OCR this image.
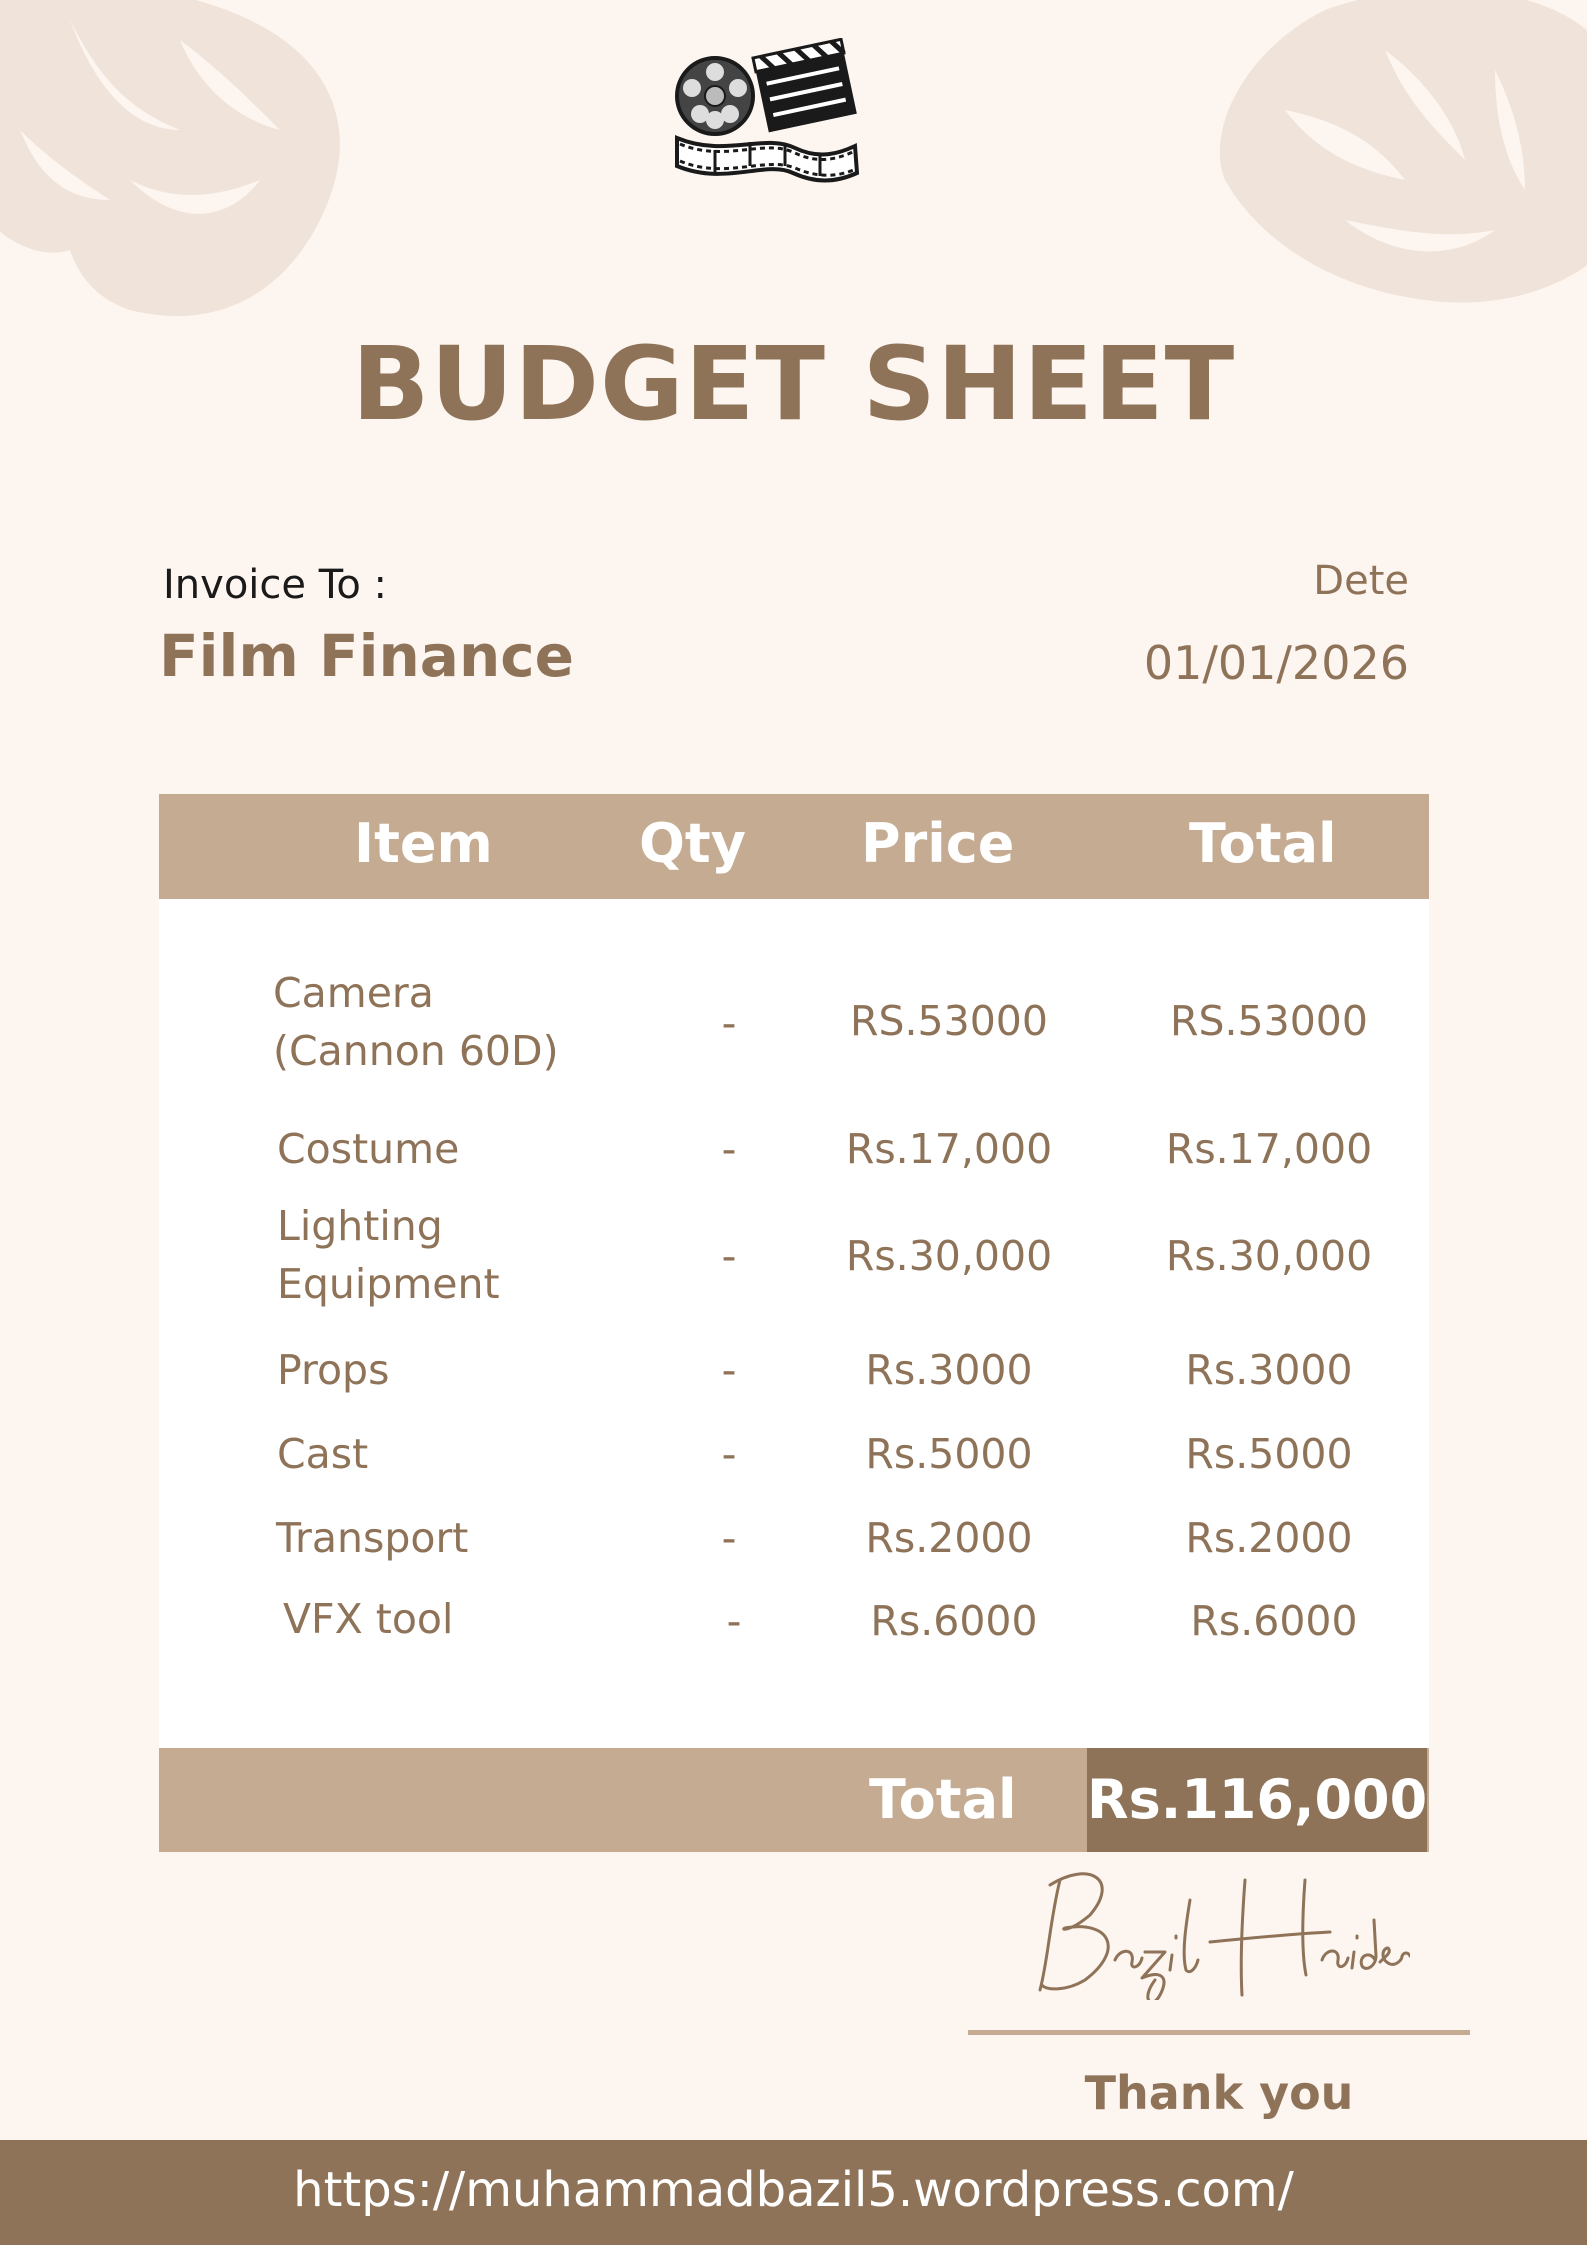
BUDGET SHEET
Invoice To :
Film Finance
Dete
01/01/2026
Item	Qty Price	Total
Camera
(Cannon 60D)
-	RS.53000	RS.53000
Costume	-	Rs.17,000	Rs.17,000
Lighting
Equipment
-	Rs.30,000	Rs.30,000
Props	-	Rs.3000	Rs.3000
Cast	-	Rs.5000	Rs.5000
Transport	-	Rs.2000	Rs.2000
VFX tool	-	Rs.6000	Rs.6000
Total Rs.116,000
Thank you
https://muhammadbazil5.wordpress.com/
